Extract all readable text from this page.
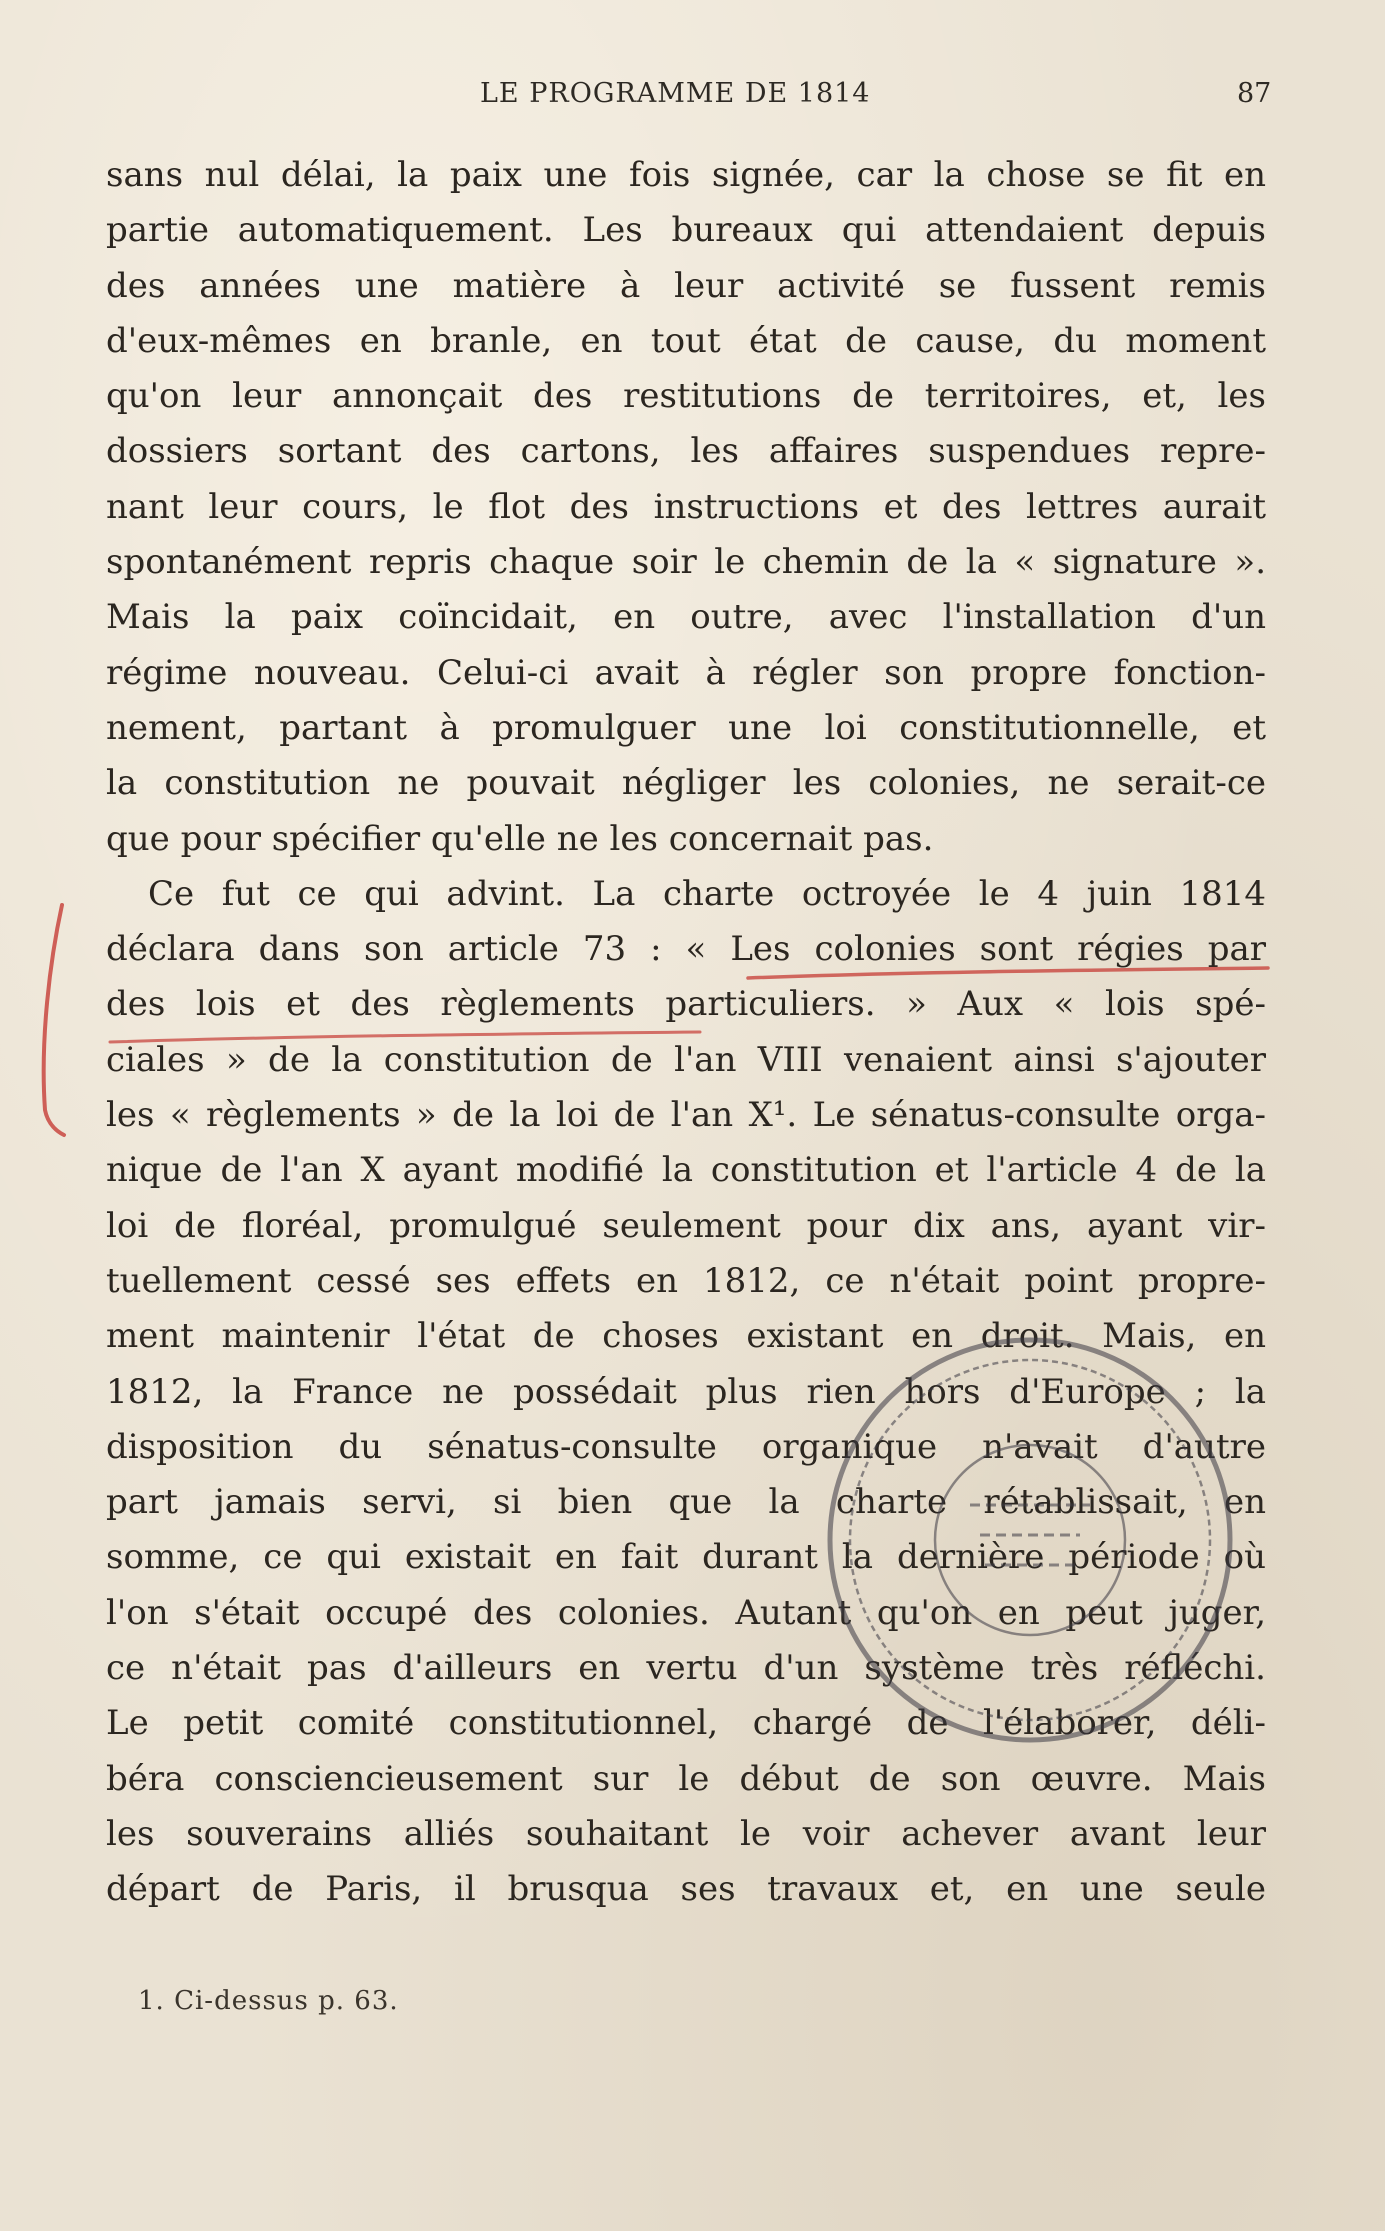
LE PROGRAMME DE 1814	87
sans nul délai, la paix une fois signée, car la chose se fit en
partie automatiquement. Les bureaux qui attendaient depuis
des années une matière à leur activité se fussent remis
d'eux-mêmes en branle, en tout état de cause, du moment
qu'on leur annonçait des restitutions de territoires, et, les
dossiers sortant des cartons, les affaires suspendues repre-
nant leur cours, le flot des instructions et des lettres aurait
spontanément repris chaque soir le chemin de la « signature ».
Mais la paix coïncidait, en outre, avec l'installation d'un
régime nouveau. Celui-ci avait à régler son propre fonction-
nement, partant à promulguer une loi constitutionnelle, et
la constitution ne pouvait négliger les colonies, ne serait-ce
que pour spécifier qu'elle ne les concernait pas.
Ce fut ce qui advint. La charte octroyée le 4 juin 1814
déclara dans son article 73 : « Les colonies sont régies par
des lois et des règlements particuliers. » Aux « lois spé-
ciales » de la constitution de l'an VIII venaient ainsi s'ajouter
les « règlements » de la loi de l'an X¹. Le sénatus-consulte orga-
nique de l'an X ayant modifié la constitution et l'article 4 de la
loi de floréal, promulgué seulement pour dix ans, ayant vir-
tuellement cessé ses effets en 1812, ce n'était point propre-
ment maintenir l'état de choses existant en droit. Mais, en
1812, la France ne possédait plus rien hors d'Europe ; la
disposition du sénatus-consulte organique n'avait d'autre
part jamais servi, si bien que la charte rétablissait, en
somme, ce qui existait en fait durant la dernière période où
l'on s'était occupé des colonies. Autant qu'on en peut juger,
ce n'était pas d'ailleurs en vertu d'un système très réfléchi.
Le petit comité constitutionnel, chargé de l'élaborer, déli-
béra consciencieusement sur le début de son œuvre. Mais
les souverains alliés souhaitant le voir achever avant leur
départ de Paris, il brusqua ses travaux et, en une seule
1. Ci-dessus p. 63.
